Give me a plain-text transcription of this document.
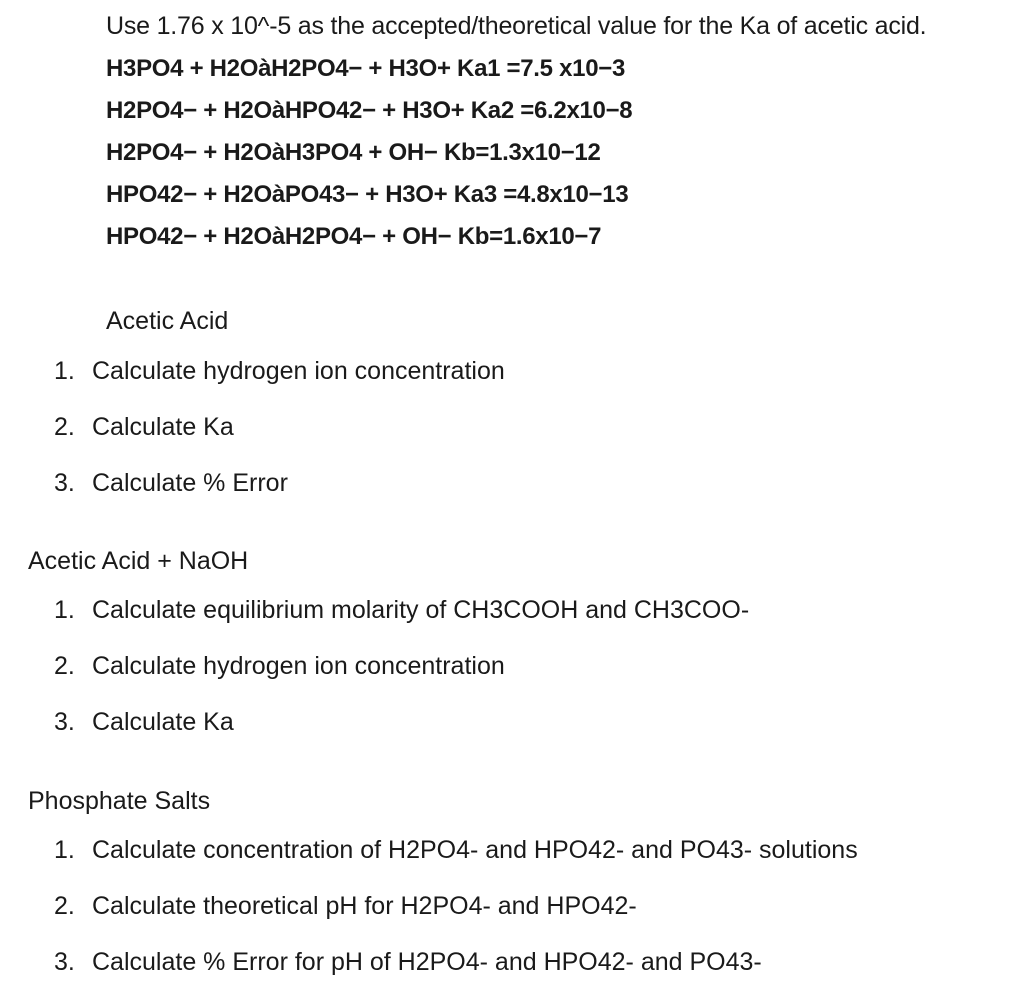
Use 1.76 x 10^-5 as the accepted/theoretical value for the Ka of acetic acid.
H3PO4 + H2OàH2PO4− + H3O+ Ka1 =7.5 x10−3
H2PO4− + H2OàHPO42− + H3O+ Ka2 =6.2x10−8
H2PO4− + H2OàH3PO4 + OH− Kb=1.3x10−12
HPO42− + H2OàPO43− + H3O+ Ka3 =4.8x10−13
HPO42− + H2OàH2PO4− + OH− Kb=1.6x10−7
Acetic Acid
1. Calculate hydrogen ion concentration
2. Calculate Ka
3. Calculate % Error
Acetic Acid + NaOH
1. Calculate equilibrium molarity of CH3COOH and CH3COO-
2. Calculate hydrogen ion concentration
3. Calculate Ka
Phosphate Salts
1. Calculate concentration of H2PO4- and HPO42- and PO43- solutions
2. Calculate theoretical pH for H2PO4- and HPO42-
3. Calculate % Error for pH of H2PO4- and HPO42- and PO43-
